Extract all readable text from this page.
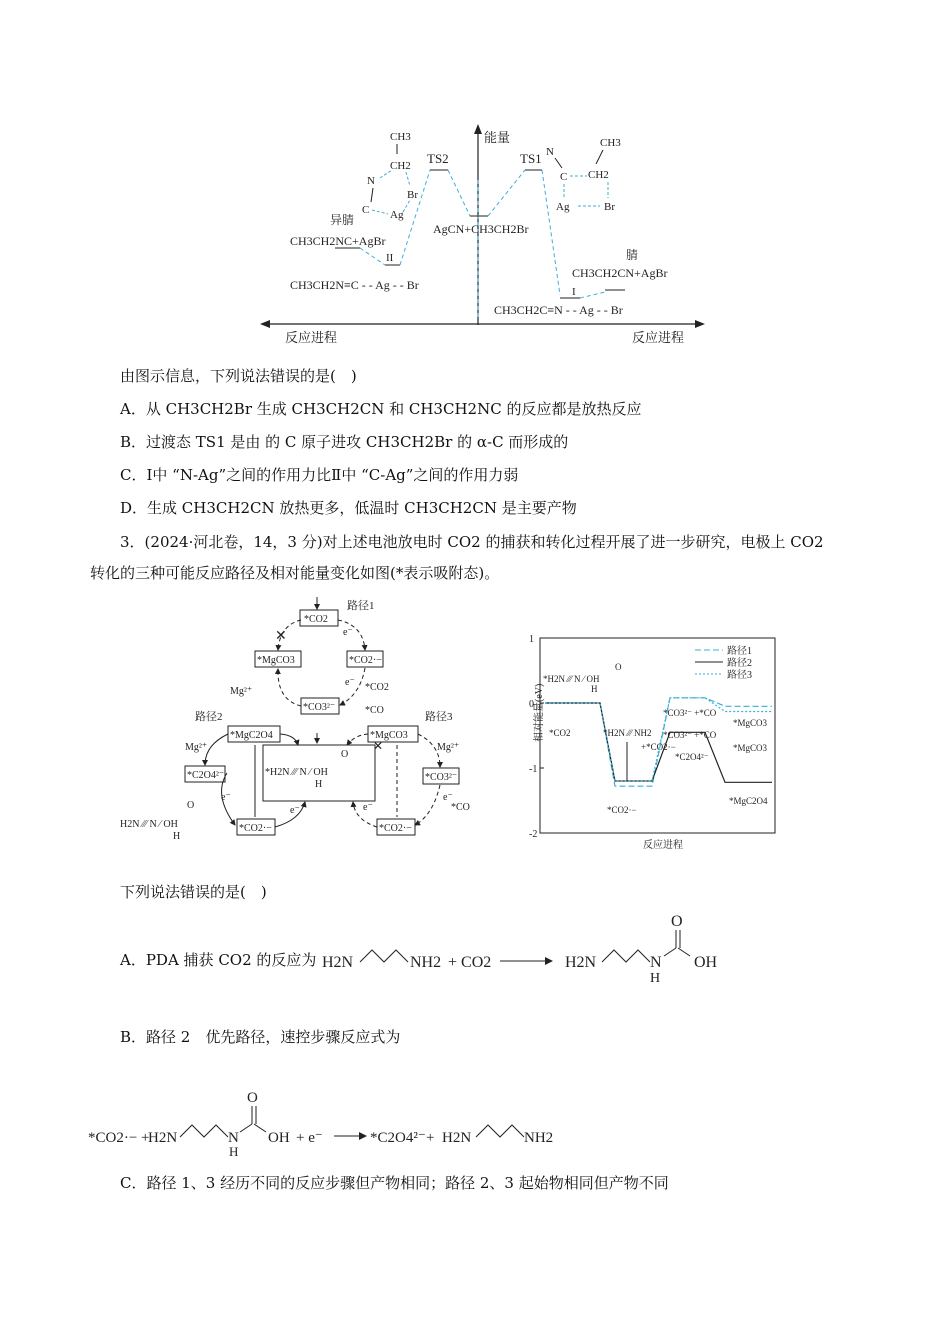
能量
反应进程	反应进程
TS2	TS1
AgCN+CH3CH2Br
异腈
CH3CH2NC+AgBr
II
CH3CH2N≡C - - Ag - - Br
腈
CH3CH2CN+AgBr
I
CH3CH2C≡N - - Ag - - Br
CH3
CH2
N
C Ag
Br
N
C
CH3
CH2
Ag	Br
由图示信息，下列说法错误的是(　)
A．从 CH3CH2Br 生成 CH3CH2CN 和 CH3CH2NC 的反应都是放热反应
B．过渡态 TS1 是由 的 C 原子进攻 CH3CH2Br 的 α-C 而形成的
C．Ⅰ中 “N-Ag”之间的作用力比Ⅱ中 “C-Ag”之间的作用力弱
D．生成 CH3CH2CN 放热更多，低温时 CH3CH2CN 是主要产物
3．(2024·河北卷，14，3 分)对上述电池放电时 CO2 的捕获和转化过程开展了进一步研究，电极上 CO2
转化的三种可能反应路径及相对能量变化如图(*表示吸附态)。
路径1
路径2	路径3
*CO2
*MgCO3	*CO2·−
*CO3²⁻
*MgC2O4
*C2O4²⁻
*CO2·−
*MgCO3
*CO3²⁻
*CO2·−
*H2N ⁄⁄⁄ N ⁄ OH
H
O
*CO2
*CO
*CO
Mg²⁺
Mg²⁺	Mg²⁺
e⁻
e⁻
e⁻
e⁻	e⁻
e⁻
H2N ⁄⁄⁄ N ⁄ OH
H
O
✕
✕
相对能量(eV)
反应进程
1
0
-1
-2
路径1
路径2
路径3
*H2N ⁄⁄⁄ N ⁄ OH
H
O
*CO2	*H2N ⁄⁄⁄ NH2
+*CO2·−
*CO2·−
*CO3²⁻ +*CO
*MgCO3
*CO3²⁻ +*CO
*MgCO3
*C2O4²⁻
*MgC2O4
下列说法错误的是(　)
A．PDA 捕获 CO2 的反应为 H2N	NH2 + CO2	H2N	N
H
O
OH
B．路径 2　优先路径，速控步骤反应式为
*CO2·− +
H2N	N
H
O
OH + e⁻	*C2O4²⁻ + H2N	NH2
C．路径 1、3 经历不同的反应步骤但产物相同；路径 2、3 起始物相同但产物不同
